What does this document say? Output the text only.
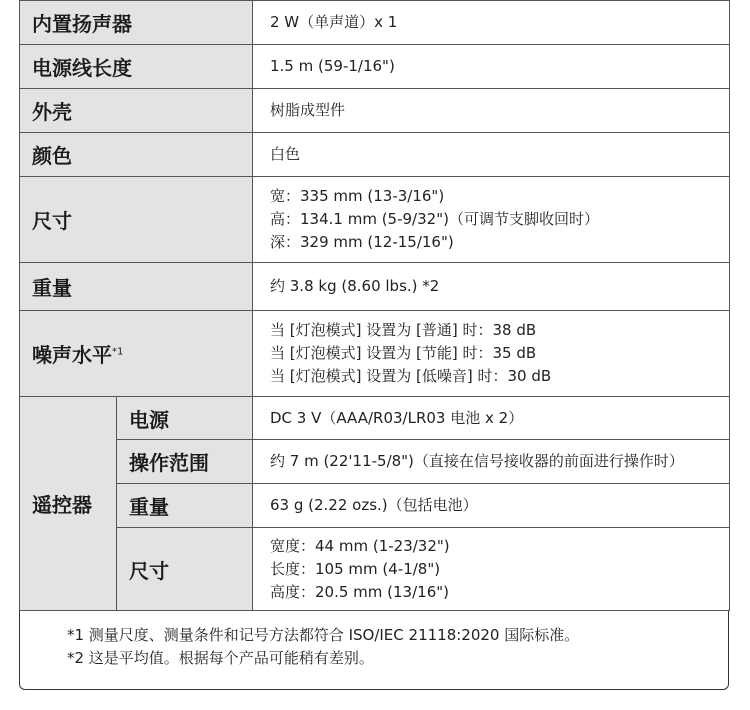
内置扬声器		2 W（单声道）x 1
电源线长度		1.5 m (59-1/16")
外壳		树脂成型件
颜色		白色
尺寸		宽：335 mm (13-3/16")
高：134.1 mm (5-9/32")（可调节支脚收回时）
深：329 mm (12-15/16")

重量		约 3.8 kg (8.60 lbs.) *2
噪声水平$^{*1}$		当 [灯泡模式] 设置为 [普通] 时：38 dB
当 [灯泡模式] 设置为 [节能] 时：35 dB
当 [灯泡模式] 设置为 [低噪音] 时：30 dB

遥控器	电源	DC 3 V（AAA/R03/LR03 电池 x 2）
	操作范围	约 7 m (22'11-5/8")（直接在信号接收器的前面进行操作时）
	重量	63 g (2.22 ozs.)（包括电池）
	尺寸	宽度：44 mm (1-23/32")
长度：105 mm (4-1/8")
高度：20.5 mm (13/16")
*1 测量尺度、测量条件和记号方法都符合 ISO/IEC 21118:2020 国际标准。
*2 这是平均值。根据每个产品可能稍有差别。
